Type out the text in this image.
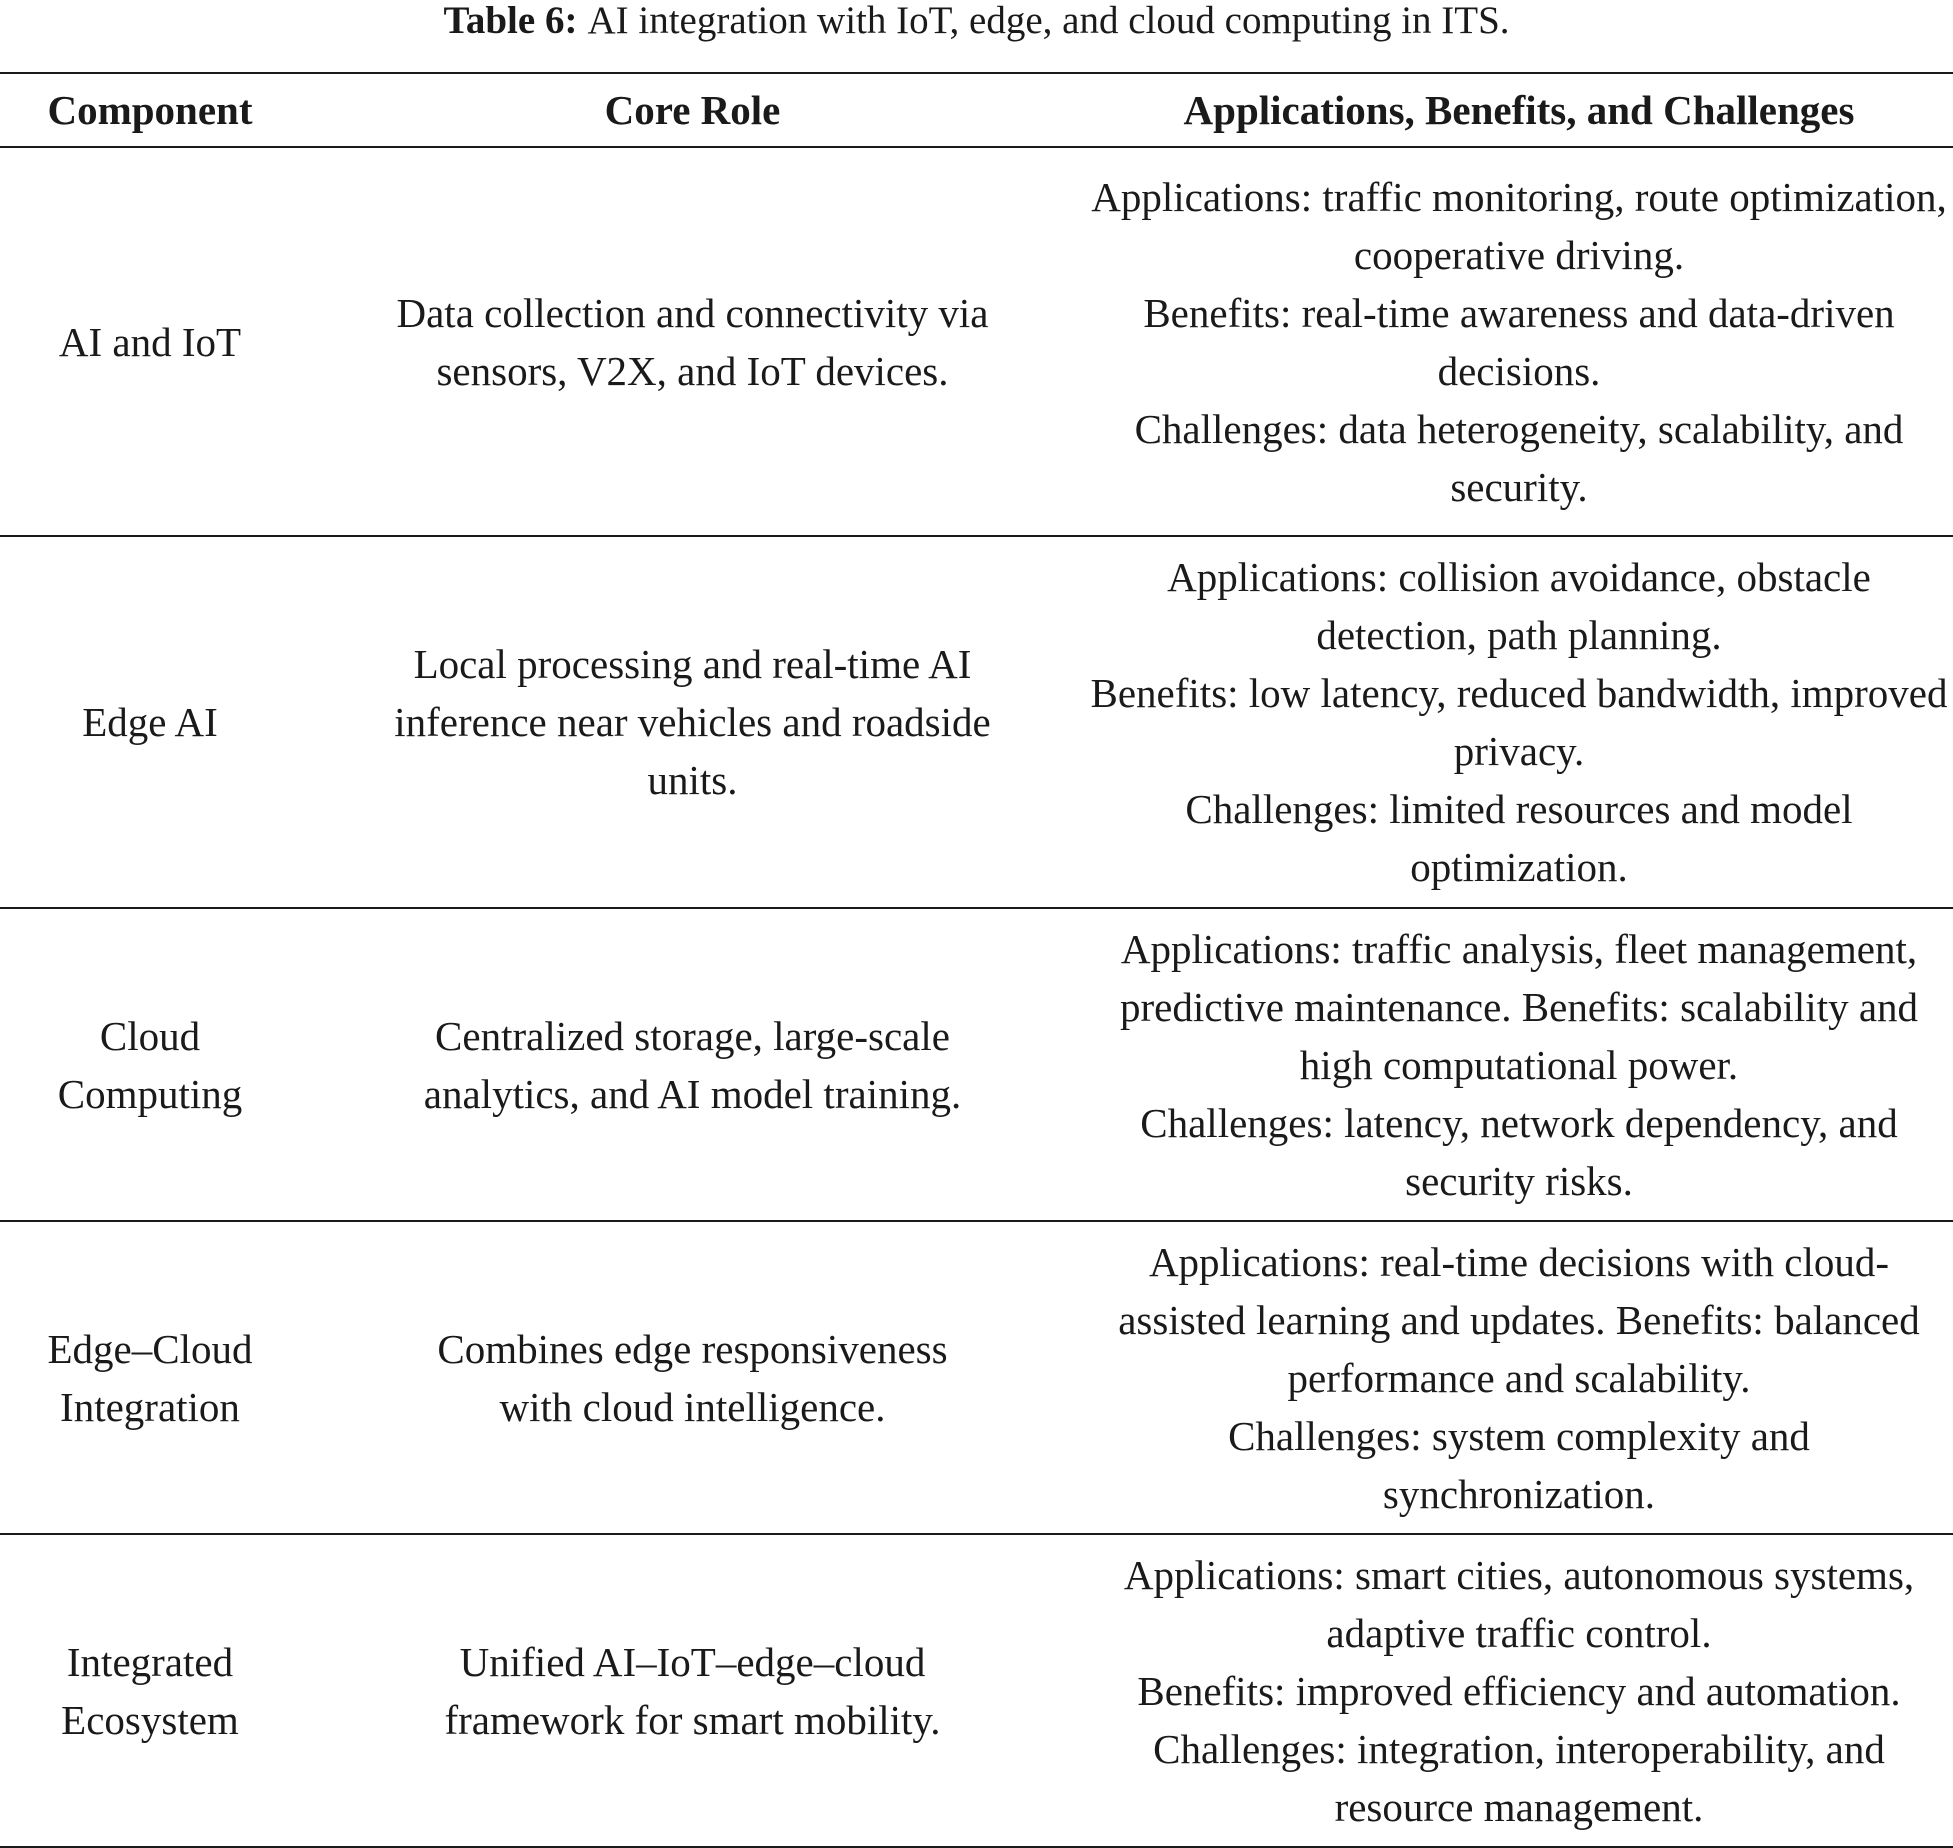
Table 6: AI integration with IoT, edge, and cloud computing in ITS.
Component	Core Role	Applications, Benefits, and Challenges
AI and IoT	Data collection and connectivity via sensors, V2X, and IoT devices.	Applications: traffic monitoring, route optimization, cooperative driving.
Benefits: real-time awareness and data-driven decisions.
Challenges: data heterogeneity, scalability, and security.

Edge AI	Local processing and real-time AI inference near vehicles and roadside units.	Applications: collision avoidance, obstacle detection, path planning.
Benefits: low latency, reduced bandwidth, improved privacy.
Challenges: limited resources and model optimization.

Cloud Computing	Centralized storage, large-scale analytics, and AI model training.	Applications: traffic analysis, fleet management, predictive maintenance. Benefits: scalability and high computational power.
Challenges: latency, network dependency, and security risks.

Edge–Cloud Integration	Combines edge responsiveness with cloud intelligence.	Applications: real-time decisions with cloud-assisted learning and updates. Benefits: balanced performance and scalability.
Challenges: system complexity and synchronization.

Integrated Ecosystem	Unified AI–IoT–edge–cloud framework for smart mobility.	Applications: smart cities, autonomous systems, adaptive traffic control.
Benefits: improved efficiency and automation.
Challenges: integration, interoperability, and resource management.
